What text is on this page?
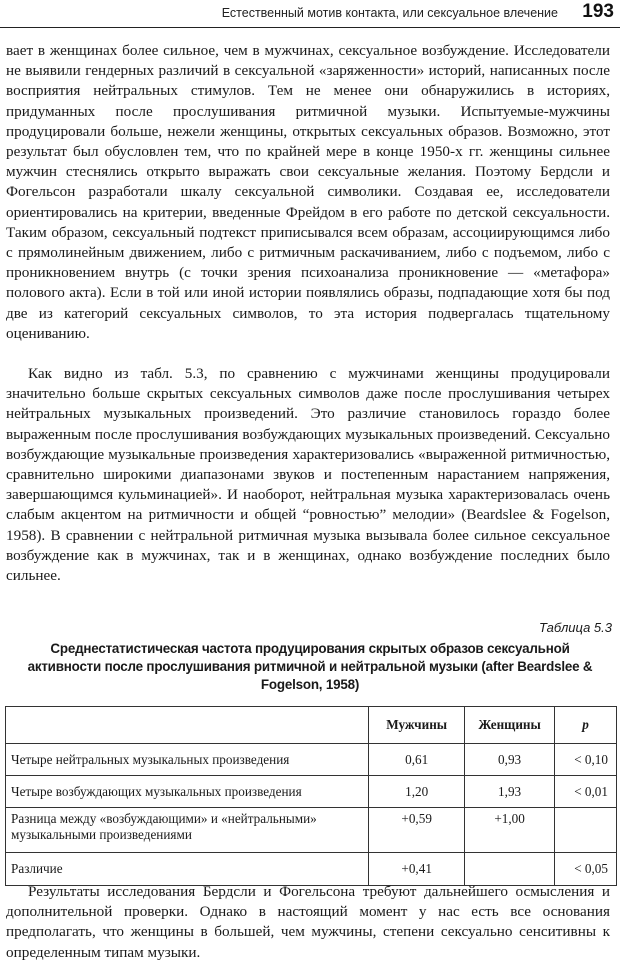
Естественный мотив контакта, или сексуальное влечение 193

вает в женщинах более сильное, чем в мужчинах, сексуальное возбуждение. Исследователи не выявили гендерных различий в сексуальной «заряженности» историй, написанных после восприятия нейтральных стимулов. Тем не менее они обнаружились в историях, придуманных после прослушивания ритмичной музыки. Испытуемые-мужчины продуцировали больше, нежели женщины, открытых сексуальных образов. Возможно, этот результат был обусловлен тем, что по крайней мере в конце 1950-х гг. женщины сильнее мужчин стеснялись открыто выражать свои сексуальные желания. Поэтому Бердсли и Фогельсон разработали шкалу сексуальной символики. Создавая ее, исследователи ориентировались на критерии, введенные Фрейдом в его работе по детской сексуальности. Таким образом, сексуальный подтекст приписывался всем образам, ассоциирующимся либо с прямолинейным движением, либо с ритмичным раскачиванием, либо с подъемом, либо с проникновением внутрь (с точки зрения психоанализа проникновение — «метафора» полового акта). Если в той или иной истории появлялись образы, подпадающие хотя бы под две из категорий сексуальных символов, то эта история подвергалась тщательному оцениванию.

Как видно из табл. 5.3, по сравнению с мужчинами женщины продуцировали значительно больше скрытых сексуальных символов даже после прослушивания четырех нейтральных музыкальных произведений. Это различие становилось гораздо более выраженным после прослушивания возбуждающих музыкальных произведений. Сексуально возбуждающие музыкальные произведения характеризовались «выраженной ритмичностью, сравнительно широкими диапазонами звуков и постепенным нарастанием напряжения, завершающимся кульминацией». И наоборот, нейтральная музыка характеризовалась очень слабым акцентом на ритмичности и общей “ровностью” мелодии» (Beardslee & Fogelson, 1958). В сравнении с нейтральной ритмичная музыка вызывала более сильное сексуальное возбуждение как в мужчинах, так и в женщинах, однако возбуждение последних было сильнее.

Таблица 5.3
Среднестатистическая частота продуцирования скрытых образов сексуальной активности после прослушивания ритмичной и нейтральной музыки (after Beardslee & Fogelson, 1958)
	Мужчины	Женщины	p
Четыре нейтральных музыкальных произведения	0,61	0,93	< 0,10
Четыре возбуждающих музыкальных произведения	1,20	1,93	< 0,01
Разница между «возбуждающими» и «нейтральными» музыкальными произведениями	+0,59	+1,00	
Различие	+0,41		< 0,05

Результаты исследования Бердсли и Фогельсона требуют дальнейшего осмысления и дополнительной проверки. Однако в настоящий момент у нас есть все основания предполагать, что женщины в большей, чем мужчины, степени сексуально сенситивны к определенным типам музыки.
